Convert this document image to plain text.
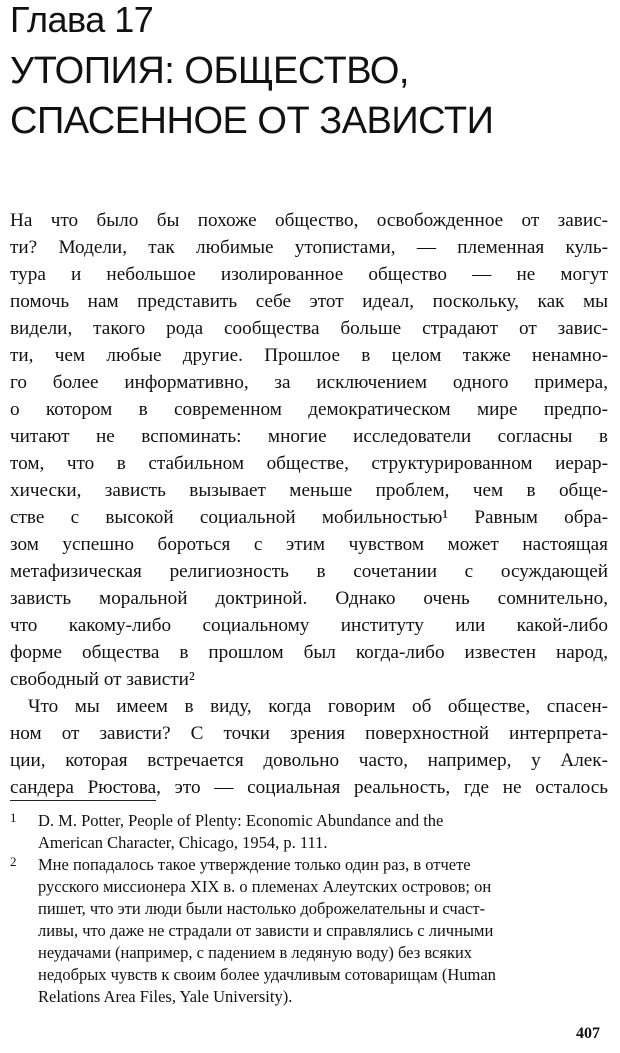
Глава 17
УТОПИЯ: ОБЩЕСТВО,
СПАСЕННОЕ ОТ ЗАВИСТИ
На что было бы похоже общество, освобожденное от завис-
ти? Модели, так любимые утопистами, — племенная куль-
тура и небольшое изолированное общество — не могут
помочь нам представить себе этот идеал, поскольку, как мы
видели, такого рода сообщества больше страдают от завис-
ти, чем любые другие. Прошлое в целом также ненамно-
го более информативно, за исключением одного примера,
о котором в современном демократическом мире предпо-
читают не вспоминать: многие исследователи согласны в
том, что в стабильном обществе, структурированном иерар-
хически, зависть вызывает меньше проблем, чем в обще-
стве с высокой социальной мобильностью¹ Равным обра-
зом успешно бороться с этим чувством может настоящая
метафизическая религиозность в сочетании с осуждающей
зависть моральной доктриной. Однако очень сомнительно,
что какому-либо социальному институту или какой-либо
форме общества в прошлом был когда-либо известен народ,
свободный от зависти²
Что мы имеем в виду, когда говорим об обществе, спасен-
ном от зависти? С точки зрения поверхностной интерпрета-
ции, которая встречается довольно часто, например, у Алек-
сандера Рюстова, это — социальная реальность, где не осталось
1	D. M. Potter, People of Plenty: Economic Abundance and the
American Character, Chicago, 1954, p. 111.
2	Мне попадалось такое утверждение только один раз, в отчете
русского миссионера XIX в. о племенах Алеутских островов; он
пишет, что эти люди были настолько доброжелательны и счаст-
ливы, что даже не страдали от зависти и справлялись с личными
неудачами (например, с падением в ледяную воду) без всяких
недобрых чувств к своим более удачливым сотоварищам (Human
Relations Area Files, Yale University).
407
